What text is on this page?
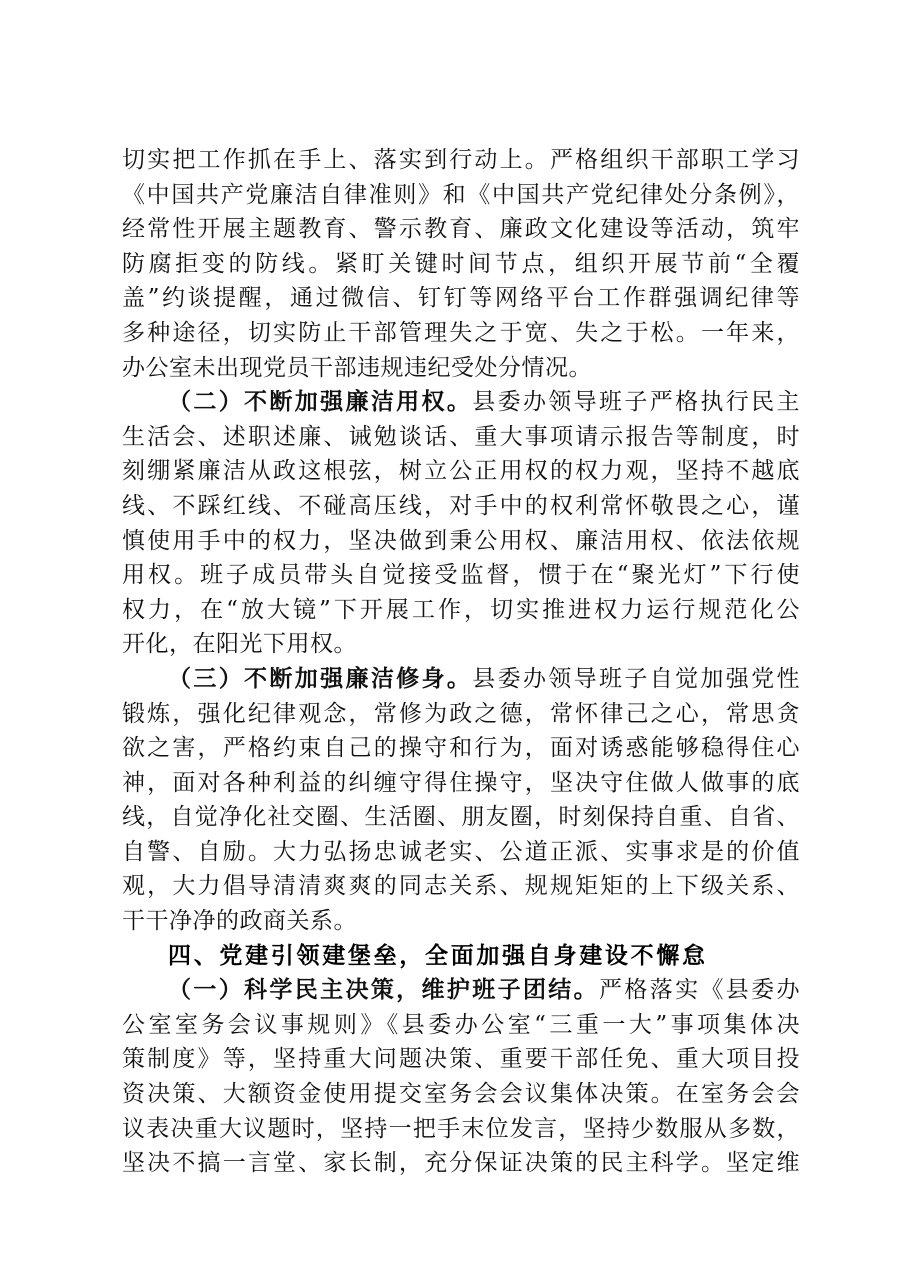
切实把工作抓在手上、落实到行动上。严格组织干部职工学习
《中国共产党廉洁自律准则》和《中国共产党纪律处分条例》，
经常性开展主题教育、警示教育、廉政文化建设等活动，筑牢
防腐拒变的防线。紧盯关键时间节点，组织开展节前“全覆
盖”约谈提醒，通过微信、钉钉等网络平台工作群强调纪律等
多种途径，切实防止干部管理失之于宽、失之于松。一年来，
办公室未出现党员干部违规违纪受处分情况。
（二）不断加强廉洁用权。县委办领导班子严格执行民主
生活会、述职述廉、诫勉谈话、重大事项请示报告等制度，时
刻绷紧廉洁从政这根弦，树立公正用权的权力观，坚持不越底
线、不踩红线、不碰高压线，对手中的权利常怀敬畏之心，谨
慎使用手中的权力，坚决做到秉公用权、廉洁用权、依法依规
用权。班子成员带头自觉接受监督，惯于在“聚光灯”下行使
权力，在“放大镜”下开展工作，切实推进权力运行规范化公
开化，在阳光下用权。
（三）不断加强廉洁修身。县委办领导班子自觉加强党性
锻炼，强化纪律观念，常修为政之德，常怀律己之心，常思贪
欲之害，严格约束自己的操守和行为，面对诱惑能够稳得住心
神，面对各种利益的纠缠守得住操守，坚决守住做人做事的底
线，自觉净化社交圈、生活圈、朋友圈，时刻保持自重、自省、
自警、自励。大力弘扬忠诚老实、公道正派、实事求是的价值
观，大力倡导清清爽爽的同志关系、规规矩矩的上下级关系、
干干净净的政商关系。
四、党建引领建堡垒，全面加强自身建设不懈怠
（一）科学民主决策，维护班子团结。严格落实《县委办
公室室务会议事规则》《县委办公室“三重一大”事项集体决
策制度》等，坚持重大问题决策、重要干部任免、重大项目投
资决策、大额资金使用提交室务会会议集体决策。在室务会会
议表决重大议题时，坚持一把手末位发言，坚持少数服从多数，
坚决不搞一言堂、家长制，充分保证决策的民主科学。坚定维
